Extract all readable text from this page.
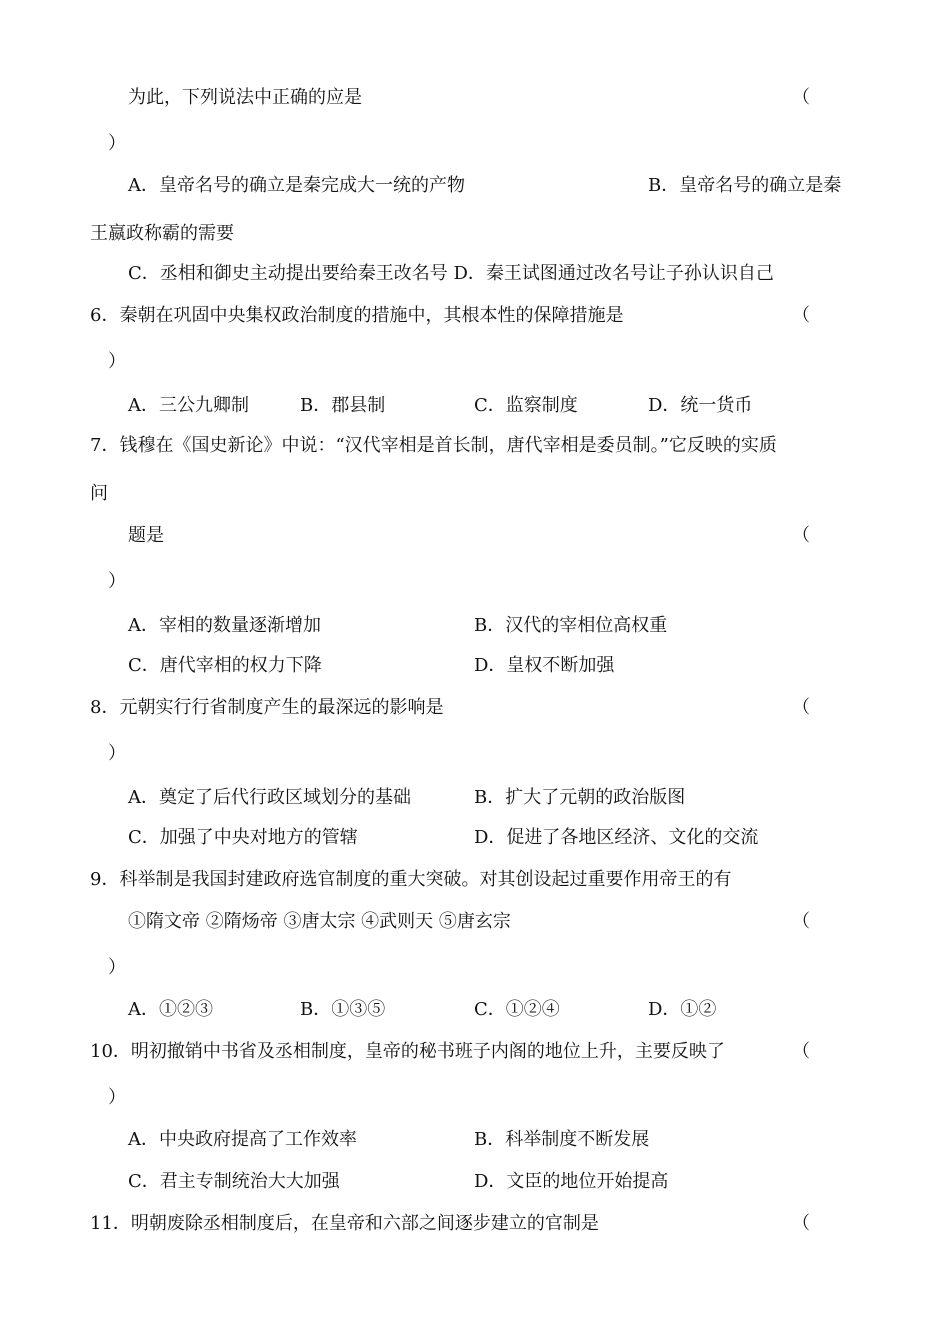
为此，下列说法中正确的应是	（
）
A．皇帝名号的确立是秦完成大一统的产物	B．皇帝名号的确立是秦
王嬴政称霸的需要
C．丞相和御史主动提出要给秦王改名号 D．秦王试图通过改名号让子孙认识自己
6．秦朝在巩固中央集权政治制度的措施中，其根本性的保障措施是	（
）
A．三公九卿制	B．郡县制	C．监察制度	D．统一货币
7．钱穆在《国史新论》中说：“汉代宰相是首长制，唐代宰相是委员制。”它反映的实质
问
题是	（
）
A．宰相的数量逐渐增加	B．汉代的宰相位高权重
C．唐代宰相的权力下降	D．皇权不断加强
8．元朝实行行省制度产生的最深远的影响是	（
）
A．奠定了后代行政区域划分的基础	B．扩大了元朝的政治版图
C．加强了中央对地方的管辖	D．促进了各地区经济、文化的交流
9．科举制是我国封建政府选官制度的重大突破。对其创设起过重要作用帝王的有
①隋文帝 ②隋炀帝 ③唐太宗 ④武则天 ⑤唐玄宗	（
）
A．①②③	B．①③⑤	C．①②④	D．①②
10．明初撤销中书省及丞相制度，皇帝的秘书班子内阁的地位上升，主要反映了	（
）
A．中央政府提高了工作效率	B．科举制度不断发展
C．君主专制统治大大加强	D．文臣的地位开始提高
11．明朝废除丞相制度后，在皇帝和六部之间逐步建立的官制是	（
